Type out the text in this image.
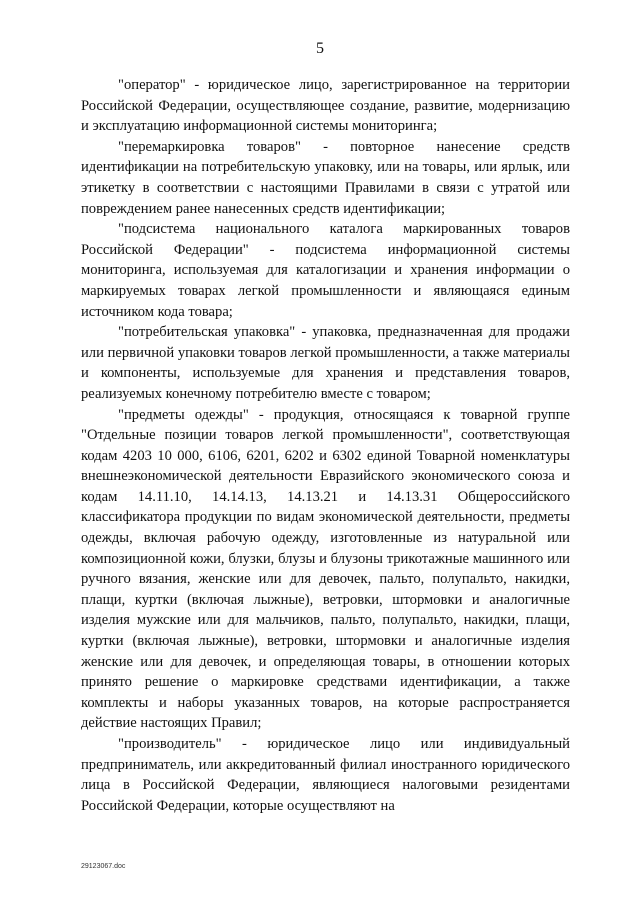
5

"оператор" - юридическое лицо, зарегистрированное на территории Российской Федерации, осуществляющее создание, развитие, модернизацию и эксплуатацию информационной системы мониторинга;

"перемаркировка товаров" - повторное нанесение средств идентификации на потребительскую упаковку, или на товары, или ярлык, или этикетку в соответствии с настоящими Правилами в связи с утратой или повреждением ранее нанесенных средств идентификации;

"подсистема национального каталога маркированных товаров Российской Федерации" - подсистема информационной системы мониторинга, используемая для каталогизации и хранения информации о маркируемых товарах легкой промышленности и являющаяся единым источником кода товара;

"потребительская упаковка" - упаковка, предназначенная для продажи или первичной упаковки товаров легкой промышленности, а также материалы и компоненты, используемые для хранения и представления товаров, реализуемых конечному потребителю вместе с товаром;

"предметы одежды" - продукция, относящаяся к товарной группе "Отдельные позиции товаров легкой промышленности", соответствующая кодам 4203 10 000, 6106, 6201, 6202 и 6302 единой Товарной номенклатуры внешнеэкономической деятельности Евразийского экономического союза и кодам 14.11.10, 14.14.13, 14.13.21 и 14.13.31 Общероссийского классификатора продукции по видам экономической деятельности, предметы одежды, включая рабочую одежду, изготовленные из натуральной или композиционной кожи, блузки, блузы и блузоны трикотажные машинного или ручного вязания, женские или для девочек, пальто, полупальто, накидки, плащи, куртки (включая лыжные), ветровки, штормовки и аналогичные изделия мужские или для мальчиков, пальто, полупальто, накидки, плащи, куртки (включая лыжные), ветровки, штормовки и аналогичные изделия женские или для девочек, и определяющая товары, в отношении которых принято решение о маркировке средствами идентификации, а также комплекты и наборы указанных товаров, на которые распространяется действие настоящих Правил;

"производитель" - юридическое лицо или индивидуальный предприниматель, или аккредитованный филиал иностранного юридического лица в Российской Федерации, являющиеся налоговыми резидентами Российской Федерации, которые осуществляют на

29123067.doc
